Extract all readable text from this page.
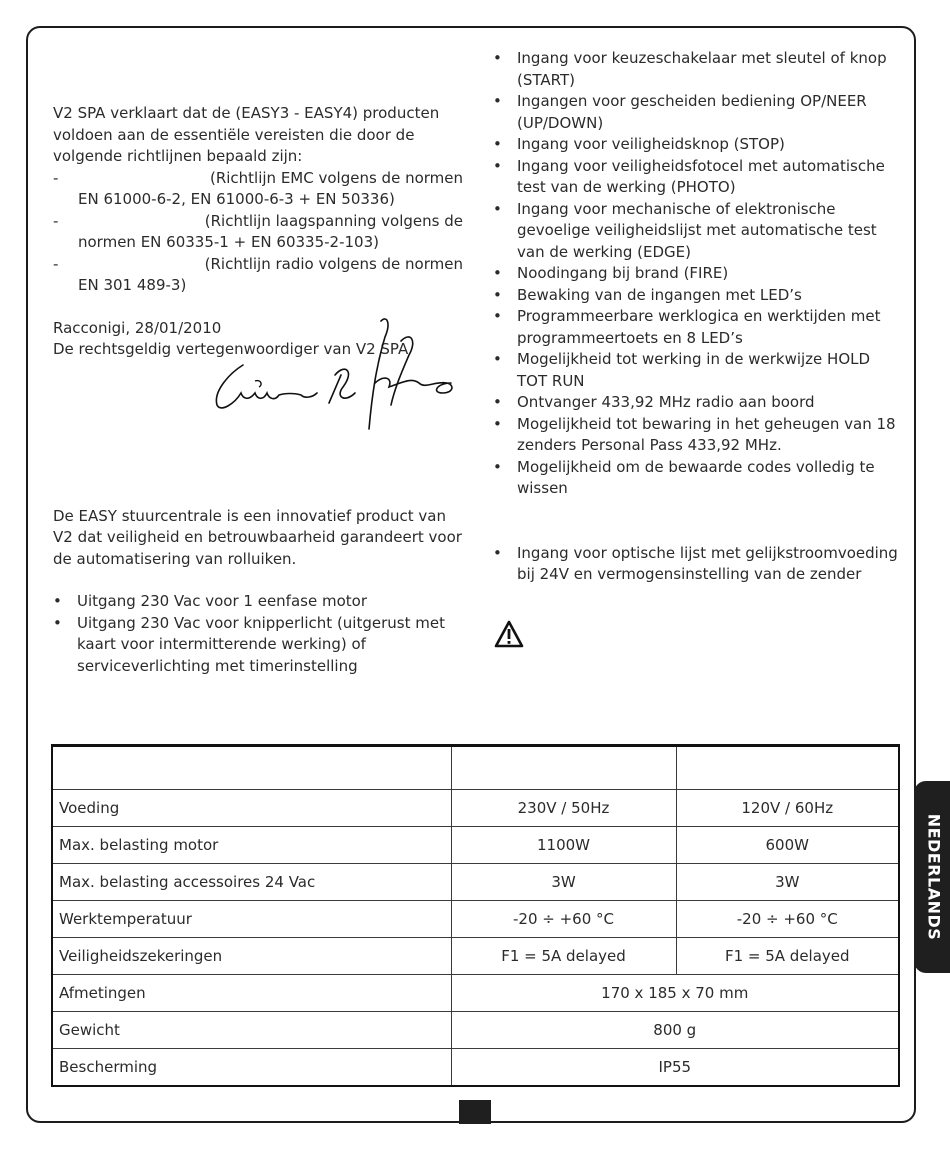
V2 SPA verklaart dat de (EASY3 - EASY4) producten voldoen aan de essentiële vereisten die door de volgende richtlijnen bepaald zijn:

-	(Richtlijn EMC volgens de normen
EN 61000-6-2, EN 61000-6-3 + EN 50336)
-	(Richtlijn laagspanning volgens de
normen EN 60335-1 + EN 60335-2-103)
-	(Richtlijn radio volgens de normen
EN 301 489-3)

Racconigi, 28/01/2010

De rechtsgeldig vertegenwoordiger van V2 SPA

De EASY stuurcentrale is een innovatief product van V2 dat veiligheid en betrouwbaarheid garandeert voor de automatisering van rolluiken.

• Uitgang 230 Vac voor 1 eenfase motor
• Uitgang 230 Vac voor knipperlicht (uitgerust met kaart voor intermitterende werking) of serviceverlichting met timerinstelling
• Ingang voor keuzeschakelaar met sleutel of knop (START)
• Ingangen voor gescheiden bediening OP/NEER (UP/DOWN)
• Ingang voor veiligheidsknop (STOP)
• Ingang voor veiligheidsfotocel met automatische test van de werking (PHOTO)
• Ingang voor mechanische of elektronische gevoelige veiligheidslijst met automatische test van de werking (EDGE)
• Noodingang bij brand (FIRE)
• Bewaking van de ingangen met LED’s
• Programmeerbare werklogica en werktijden met programmeertoets en 8 LED’s
• Mogelijkheid tot werking in de werkwijze HOLD TOT RUN
• Ontvanger 433,92 MHz radio aan boord
• Mogelijkheid tot bewaring in het geheugen van 18 zenders Personal Pass 433,92 MHz.
• Mogelijkheid om de bewaarde codes volledig te wissen
• Ingang voor optische lijst met gelijkstroomvoeding bij 24V en vermogensinstelling van de zender

Voeding	230V / 50Hz	120V / 60Hz
Max. belasting motor	1100W	600W
Max. belasting accessoires 24 Vac	3W	3W
Werktemperatuur	-20 ÷ +60 °C	-20 ÷ +60 °C
Veiligheidszekeringen	F1 = 5A delayed	F1 = 5A delayed
Afmetingen	170 x 185 x 70 mm	
Gewicht	800 g	
Bescherming	IP55	
NEDERLANDS
